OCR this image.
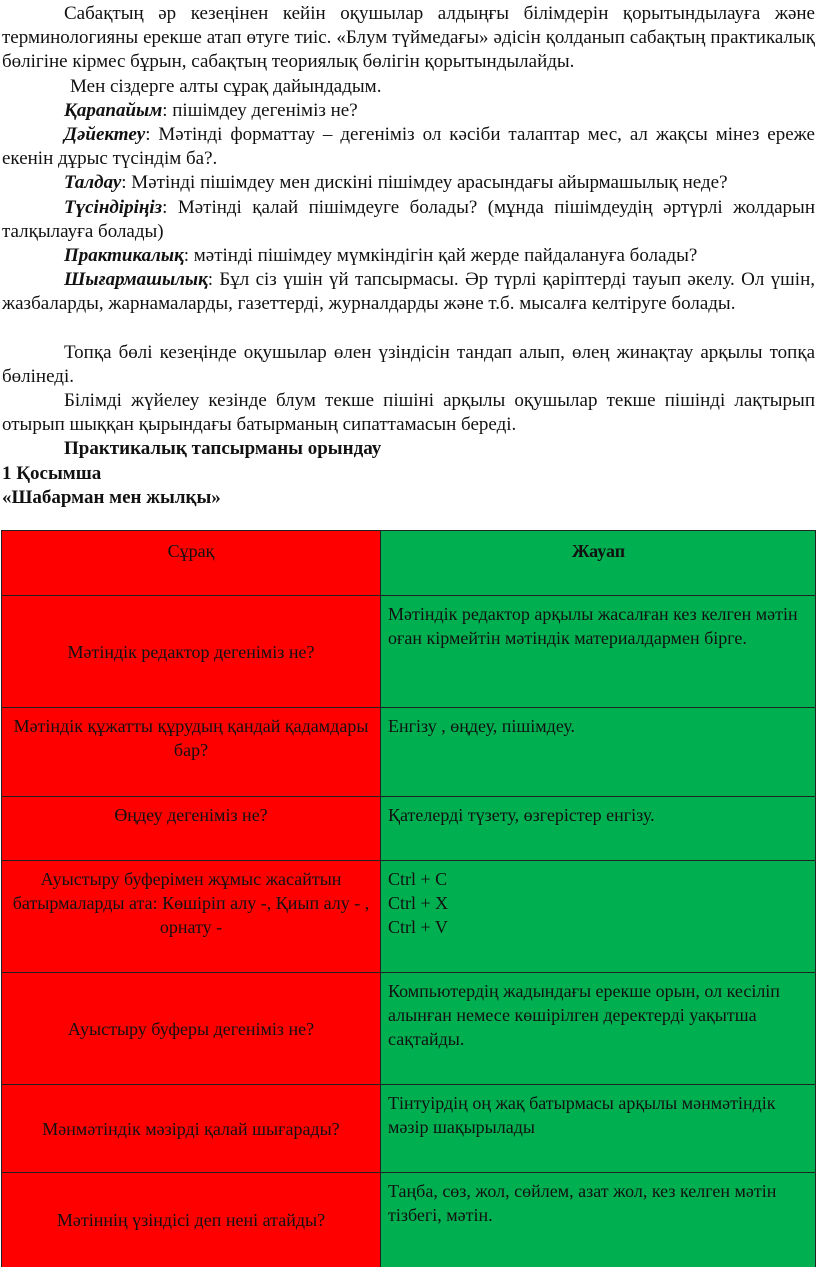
Сабақтың әр кезеңінен кейін оқушылар алдыңғы білімдерін қорытындылауға және терминологияны ерекше атап өтуге тиіс. «Блум түймедағы» әдісін қолданып сабақтың практикалық бөлігіне кірмес бұрын, сабақтың теориялық бөлігін қорытындылайды.

Мен сіздерге алты сұрақ дайындадым.

Қарапайым: пішімдеу дегеніміз не?

Дәйектеу: Мәтінді форматтау – дегеніміз ол кәсіби талаптар мес, ал жақсы мінез ереже екенін дұрыс түсіндім ба?.

Талдау: Мәтінді пішімдеу мен дискіні пішімдеу арасындағы айырмашылық неде?

Түсіндіріңіз: Мәтінді қалай пішімдеуге болады? (мұнда пішімдеудің әртүрлі жолдарын талқылауға болады)

Практикалық: мәтінді пішімдеу мүмкіндігін қай жерде пайдалануға болады?

Шығармашылық: Бұл сіз үшін үй тапсырмасы. Әр түрлі қаріптерді тауып әкелу. Ол үшін, жазбаларды, жарнамаларды, газеттерді, журналдарды және т.б. мысалға келтіруге болады.

Топқа бөлі кезеңінде оқушылар өлен үзіндісін тандап алып, өлең жинақтау арқылы топқа бөлінеді.

Білімді жүйелеу кезінде блум текше пішіні арқылы оқушылар текше пішінді лақтырып отырып шыққан қырындағы батырманың сипаттамасын береді.

Практикалық тапсырманы орындау

1 Қосымша

«Шабарман мен жылқы»

Сұрақ	Жауап

Мәтіндік редактор дегеніміз не?	Мәтіндік редактор арқылы жасалған кез келген мәтін оған кірмейтін мәтіндік материалдармен бірге.

Мәтіндік құжатты құрудың қандай қадамдары бар?	Енгізу , өңдеу, пішімдеу.

Өңдеу дегеніміз не?	Қателерді түзету, өзгерістер енгізу.

Ауыстыру буферімен жұмыс жасайтын батырмаларды ата: Көшіріп алу -, Қиып алу - , орнату -	Ctrl + C
Ctrl + X
Ctrl + V

Ауыстыру буферы дегеніміз не?	Компьютердің жадындағы ерекше орын, ол кесіліп алынған немесе көшірілген деректерді уақытша сақтайды.

Мәнмәтіндік мәзірді қалай шығарады?	Тінтуірдің оң жақ батырмасы арқылы мәнмәтіндік мәзір шақырылады

Мәтіннің үзіндісі деп нені атайды?	Таңба, сөз, жол, сөйлем, азат жол, кез келген мәтін тізбегі, мәтін.
